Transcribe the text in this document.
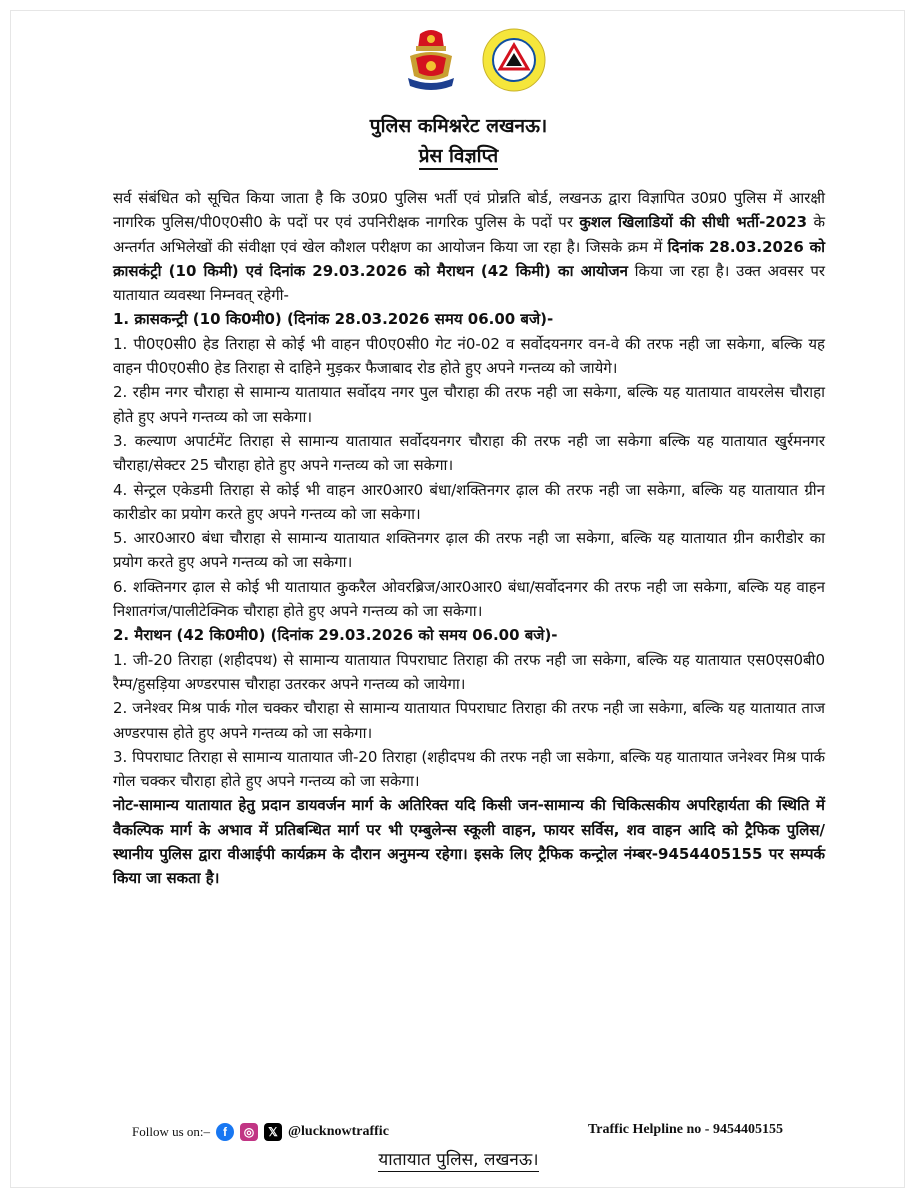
पुलिस कमिश्नरेट लखनऊ।
प्रेस विज्ञप्ति

सर्व संबंधित को सूचित किया जाता है कि उ0प्र0 पुलिस भर्ती एवं प्रोन्नति बोर्ड, लखनऊ द्वारा विज्ञापित उ0प्र0 पुलिस में आरक्षी नागरिक पुलिस/पी0ए0सी0 के पदों पर एवं उपनिरीक्षक नागरिक पुलिस के पदों पर कुशल खिलाडियों की सीधी भर्ती-2023 के अन्तर्गत अभिलेखों की संवीक्षा एवं खेल कौशल परीक्षण का आयोजन किया जा रहा है। जिसके क्रम में दिनांक 28.03.2026 को क्रासकंट्री (10 किमी) एवं दिनांक 29.03.2026 को मैराथन (42 किमी) का आयोजन किया जा रहा है। उक्त अवसर पर यातायात व्यवस्था निम्नवत् रहेगी-

1. क्रासकन्ट्री (10 कि0मी0) (दिनांक 28.03.2026 समय 06.00 बजे)-

1. पी0ए0सी0 हेड तिराहा से कोई भी वाहन पी0ए0सी0 गेट नं0-02 व सर्वोदयनगर वन-वे की तरफ नही जा सकेगा, बल्कि यह वाहन पी0ए0सी0 हेड तिराहा से दाहिने मुड़कर फैजाबाद रोड होते हुए अपने गन्तव्य को जायेगे।

2. रहीम नगर चौराहा से सामान्य यातायात सर्वोदय नगर पुल चौराहा की तरफ नही जा सकेगा, बल्कि यह यातायात वायरलेस चौराहा होते हुए अपने गन्तव्य को जा सकेगा।

3. कल्याण अपार्टमेंट तिराहा से सामान्य यातायात सर्वोदयनगर चौराहा की तरफ नही जा सकेगा बल्कि यह यातायात खुर्रमनगर चौराहा/सेक्टर 25 चौराहा होते हुए अपने गन्तव्य को जा सकेगा।

4. सेन्ट्रल एकेडमी तिराहा से कोई भी वाहन आर0आर0 बंधा/शक्तिनगर ढ़ाल की तरफ नही जा सकेगा, बल्कि यह यातायात ग्रीन कारीडोर का प्रयोग करते हुए अपने गन्तव्य को जा सकेगा।

5. आर0आर0 बंधा चौराहा से सामान्य यातायात शक्तिनगर ढ़ाल की तरफ नही जा सकेगा, बल्कि यह यातायात ग्रीन कारीडोर का प्रयोग करते हुए अपने गन्तव्य को जा सकेगा।

6. शक्तिनगर ढ़ाल से कोई भी यातायात कुकरैल ओवरब्रिज/आर0आर0 बंधा/सर्वोदनगर की तरफ नही जा सकेगा, बल्कि यह वाहन निशातगंज/पालीटेक्निक चौराहा होते हुए अपने गन्तव्य को जा सकेगा।

2. मैराथन (42 कि0मी0) (दिनांक 29.03.2026 को समय 06.00 बजे)-

1. जी-20 तिराहा (शहीदपथ) से सामान्य यातायात पिपराघाट तिराहा की तरफ नही जा सकेगा, बल्कि यह यातायात एस0एस0बी0 रैम्प/हुसड़िया अण्डरपास चौराहा उतरकर अपने गन्तव्य को जायेगा।

2. जनेश्वर मिश्र पार्क गोल चक्कर चौराहा से सामान्य यातायात पिपराघाट तिराहा की तरफ नही जा सकेगा, बल्कि यह यातायात ताज अण्डरपास होते हुए अपने गन्तव्य को जा सकेगा।

3. पिपराघाट तिराहा से सामान्य यातायात जी-20 तिराहा (शहीदपथ की तरफ नही जा सकेगा, बल्कि यह यातायात जनेश्वर मिश्र पार्क गोल चक्कर चौराहा होते हुए अपने गन्तव्य को जा सकेगा।

नोट-सामान्य यातायात हेतु प्रदान डायवर्जन मार्ग के अतिरिक्त यदि किसी जन-सामान्य की चिकित्सकीय अपरिहार्यता की स्थिति में वैकल्पिक मार्ग के अभाव में प्रतिबन्धित मार्ग पर भी एम्बुलेन्स स्कूली वाहन, फायर सर्विस, शव वाहन आदि को ट्रैफिक पुलिस/स्थानीय पुलिस द्वारा वीआईपी कार्यक्रम के दौरान अनुमन्य रहेगा। इसके लिए ट्रैफिक कन्ट्रोल नंम्बर-9454405155 पर सम्पर्क किया जा सकता है।

Follow us on:–	f	◎	𝕏 @lucknowtraffic	Traffic Helpline no - 9454405155
यातायात पुलिस, लखनऊ।
